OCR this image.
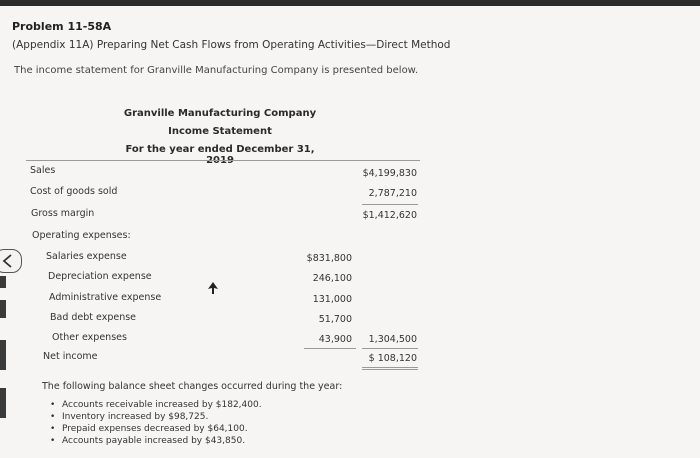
Problem 11-58A
(Appendix 11A) Preparing Net Cash Flows from Operating Activities—Direct Method
The income statement for Granville Manufacturing Company is presented below.
Granville Manufacturing Company
Income Statement
For the year ended December 31,
Sales	$4,199,830
Cost of goods sold	2,787,210
Gross margin	$1,412,620
Operating expenses:
Salaries expense	$831,800
Depreciation expense	246,100
Administrative expense	131,000
Bad debt expense	51,700
Other expenses	43,900	1,304,500
Net income	$ 108,120
The following balance sheet changes occurred during the year:
• Accounts receivable increased by $182,400.
• Inventory increased by $98,725.
• Prepaid expenses decreased by $64,100.
• Accounts payable increased by $43,850.
